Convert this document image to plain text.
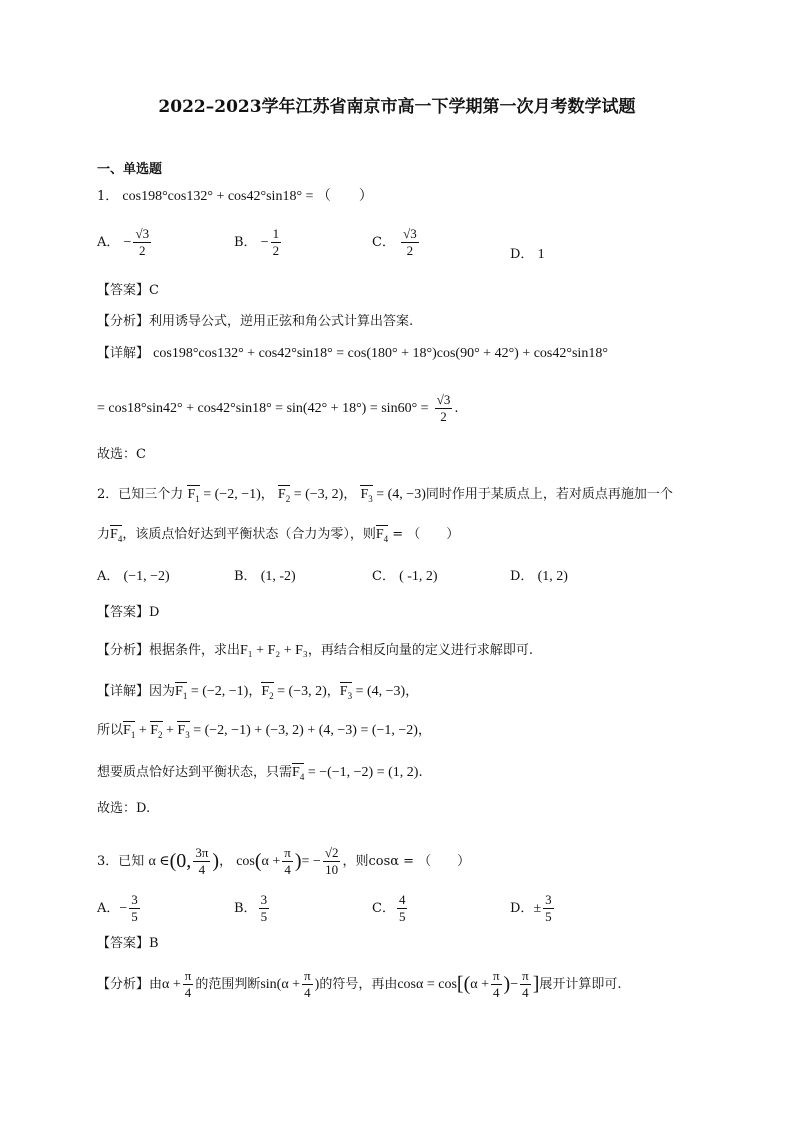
2022–2023学年江苏省南京市高一下学期第一次月考数学试题
一、单选题
1． cos198°cos132° + cos42°sin18° = （　　）
A． − $\frac{√3}{2}$	B． − $\frac{1}{2}$	C． $\frac{√3}{2}$	D． 1
【答案】C
【分析】利用诱导公式，逆用正弦和角公式计算出答案.
【详解】 cos198°cos132° + cos42°sin18° = cos(180° + 18°)cos(90° + 42°) + cos42°sin18°
= $\cos 18^\circ\sin 42^\circ + \cos 42^\circ\sin 18^\circ = \sin(42^\circ + 18^\circ) = \sin 60^\circ = \frac{√3}{2}$ .
故选：C
2．已知三个力 $F_1 = (-2$, −1)， $F_2 = (-3$, 2)， $F_3 = (4$, −3)同时作用于某质点上，若对质点再施加一个
力$F_4$，该质点恰好达到平衡状态（合力为零），则$F_4$ = （　　）
A． (−1, −2)	B． (1, -2)	C． ( -1, 2)	D． (1, 2)
【答案】D
【分析】根据条件，求出F₁ + F₂ + F₃，再结合相反向量的定义进行求解即可.
【详解】因为$F_1 = (-2$, −1)，$F_2 = (-3$, 2)，$F_3 = (4$, −3)，
所以$F_1 + F_2 + F_3 = (-2$, −1) + (−3, 2) + (4, −3) = (−1, −2)，
想要质点恰好达到平衡状态，只需$F_4 = -(-1$, −2) = (1, 2).
故选：D.
3．已知 α ∈(0, $\frac{3\pi}{4}$ )， $\cos(\alpha + \frac{\pi}{4}$ )= − $\frac{√2}{10}$ ，则cosα = （　　）
A．− $\frac{3}{5}$	B． $\frac{3}{5}$	C． $\frac{4}{5}$	D．± $\frac{3}{5}$
【答案】B
【分析】由$\alpha + \frac{\pi}{4}$ 的范围判断$\sin(\alpha + \frac{\pi}{4}$ )的符号，再由$\cos\alpha = \cos[(\alpha + \frac{\pi}{4}$ )− $\frac{\pi}{4}$ ]展开计算即可.
